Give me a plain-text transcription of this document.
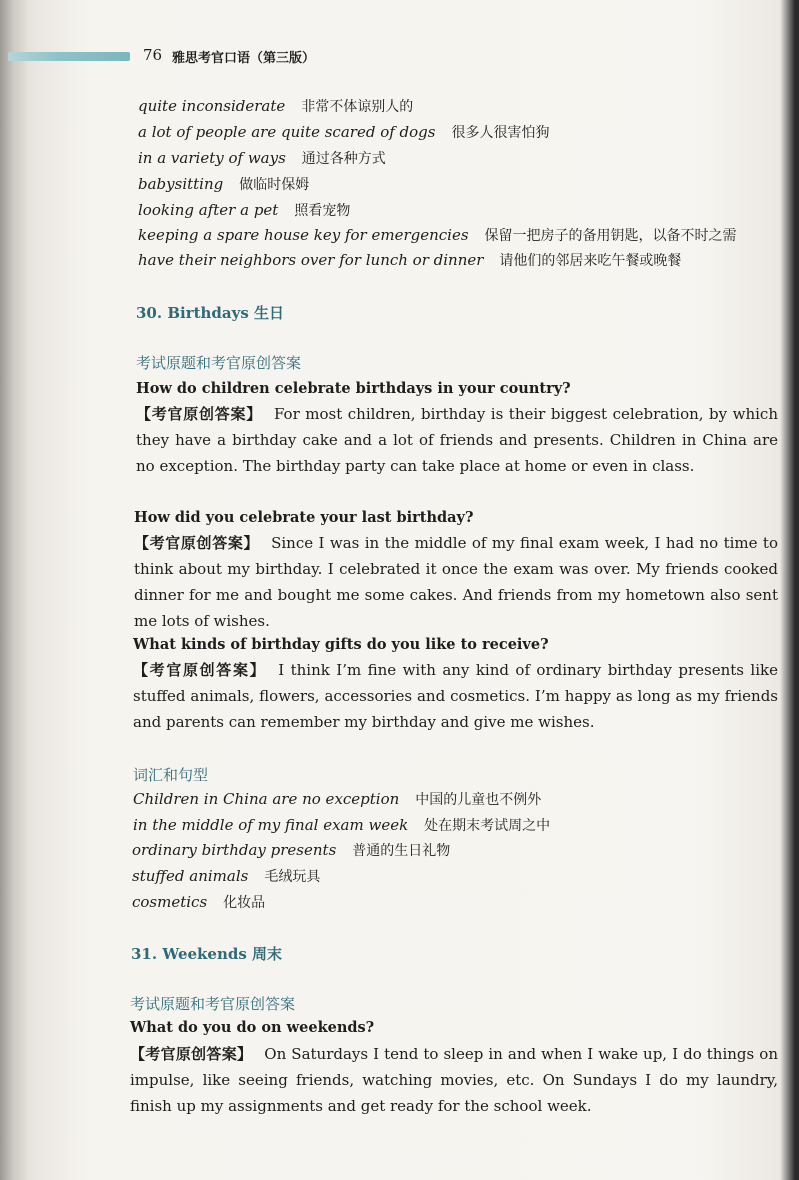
76 雅思考官口语（第三版）
quite inconsiderate 非常不体谅别人的
a lot of people are quite scared of dogs 很多人很害怕狗
in a variety of ways 通过各种方式
babysitting 做临时保姆
looking after a pet 照看宠物
keeping a spare house key for emergencies 保留一把房子的备用钥匙，以备不时之需
have their neighbors over for lunch or dinner 请他们的邻居来吃午餐或晚餐
30. Birthdays 生日
考试原题和考官原创答案
How do children celebrate birthdays in your country?
【考官原创答案】 For most children, birthday is their biggest celebration, by which they have a birthday cake and a lot of friends and presents. Children in China are no exception. The birthday party can take place at home or even in class.
How did you celebrate your last birthday?
【考官原创答案】 Since I was in the middle of my final exam week, I had no time to think about my birthday. I celebrated it once the exam was over. My friends cooked dinner for me and bought me some cakes. And friends from my hometown also sent me lots of wishes.
What kinds of birthday gifts do you like to receive?
【考官原创答案】 I think I’m fine with any kind of ordinary birthday presents like stuffed animals, flowers, accessories and cosmetics. I’m happy as long as my friends and parents can remember my birthday and give me wishes.
词汇和句型
Children in China are no exception 中国的儿童也不例外
in the middle of my final exam week 处在期末考试周之中
ordinary birthday presents 普通的生日礼物
stuffed animals 毛绒玩具
cosmetics 化妆品
31. Weekends 周末
考试原题和考官原创答案
What do you do on weekends?
【考官原创答案】 On Saturdays I tend to sleep in and when I wake up, I do things on impulse, like seeing friends, watching movies, etc. On Sundays I do my laundry, finish up my assignments and get ready for the school week.
